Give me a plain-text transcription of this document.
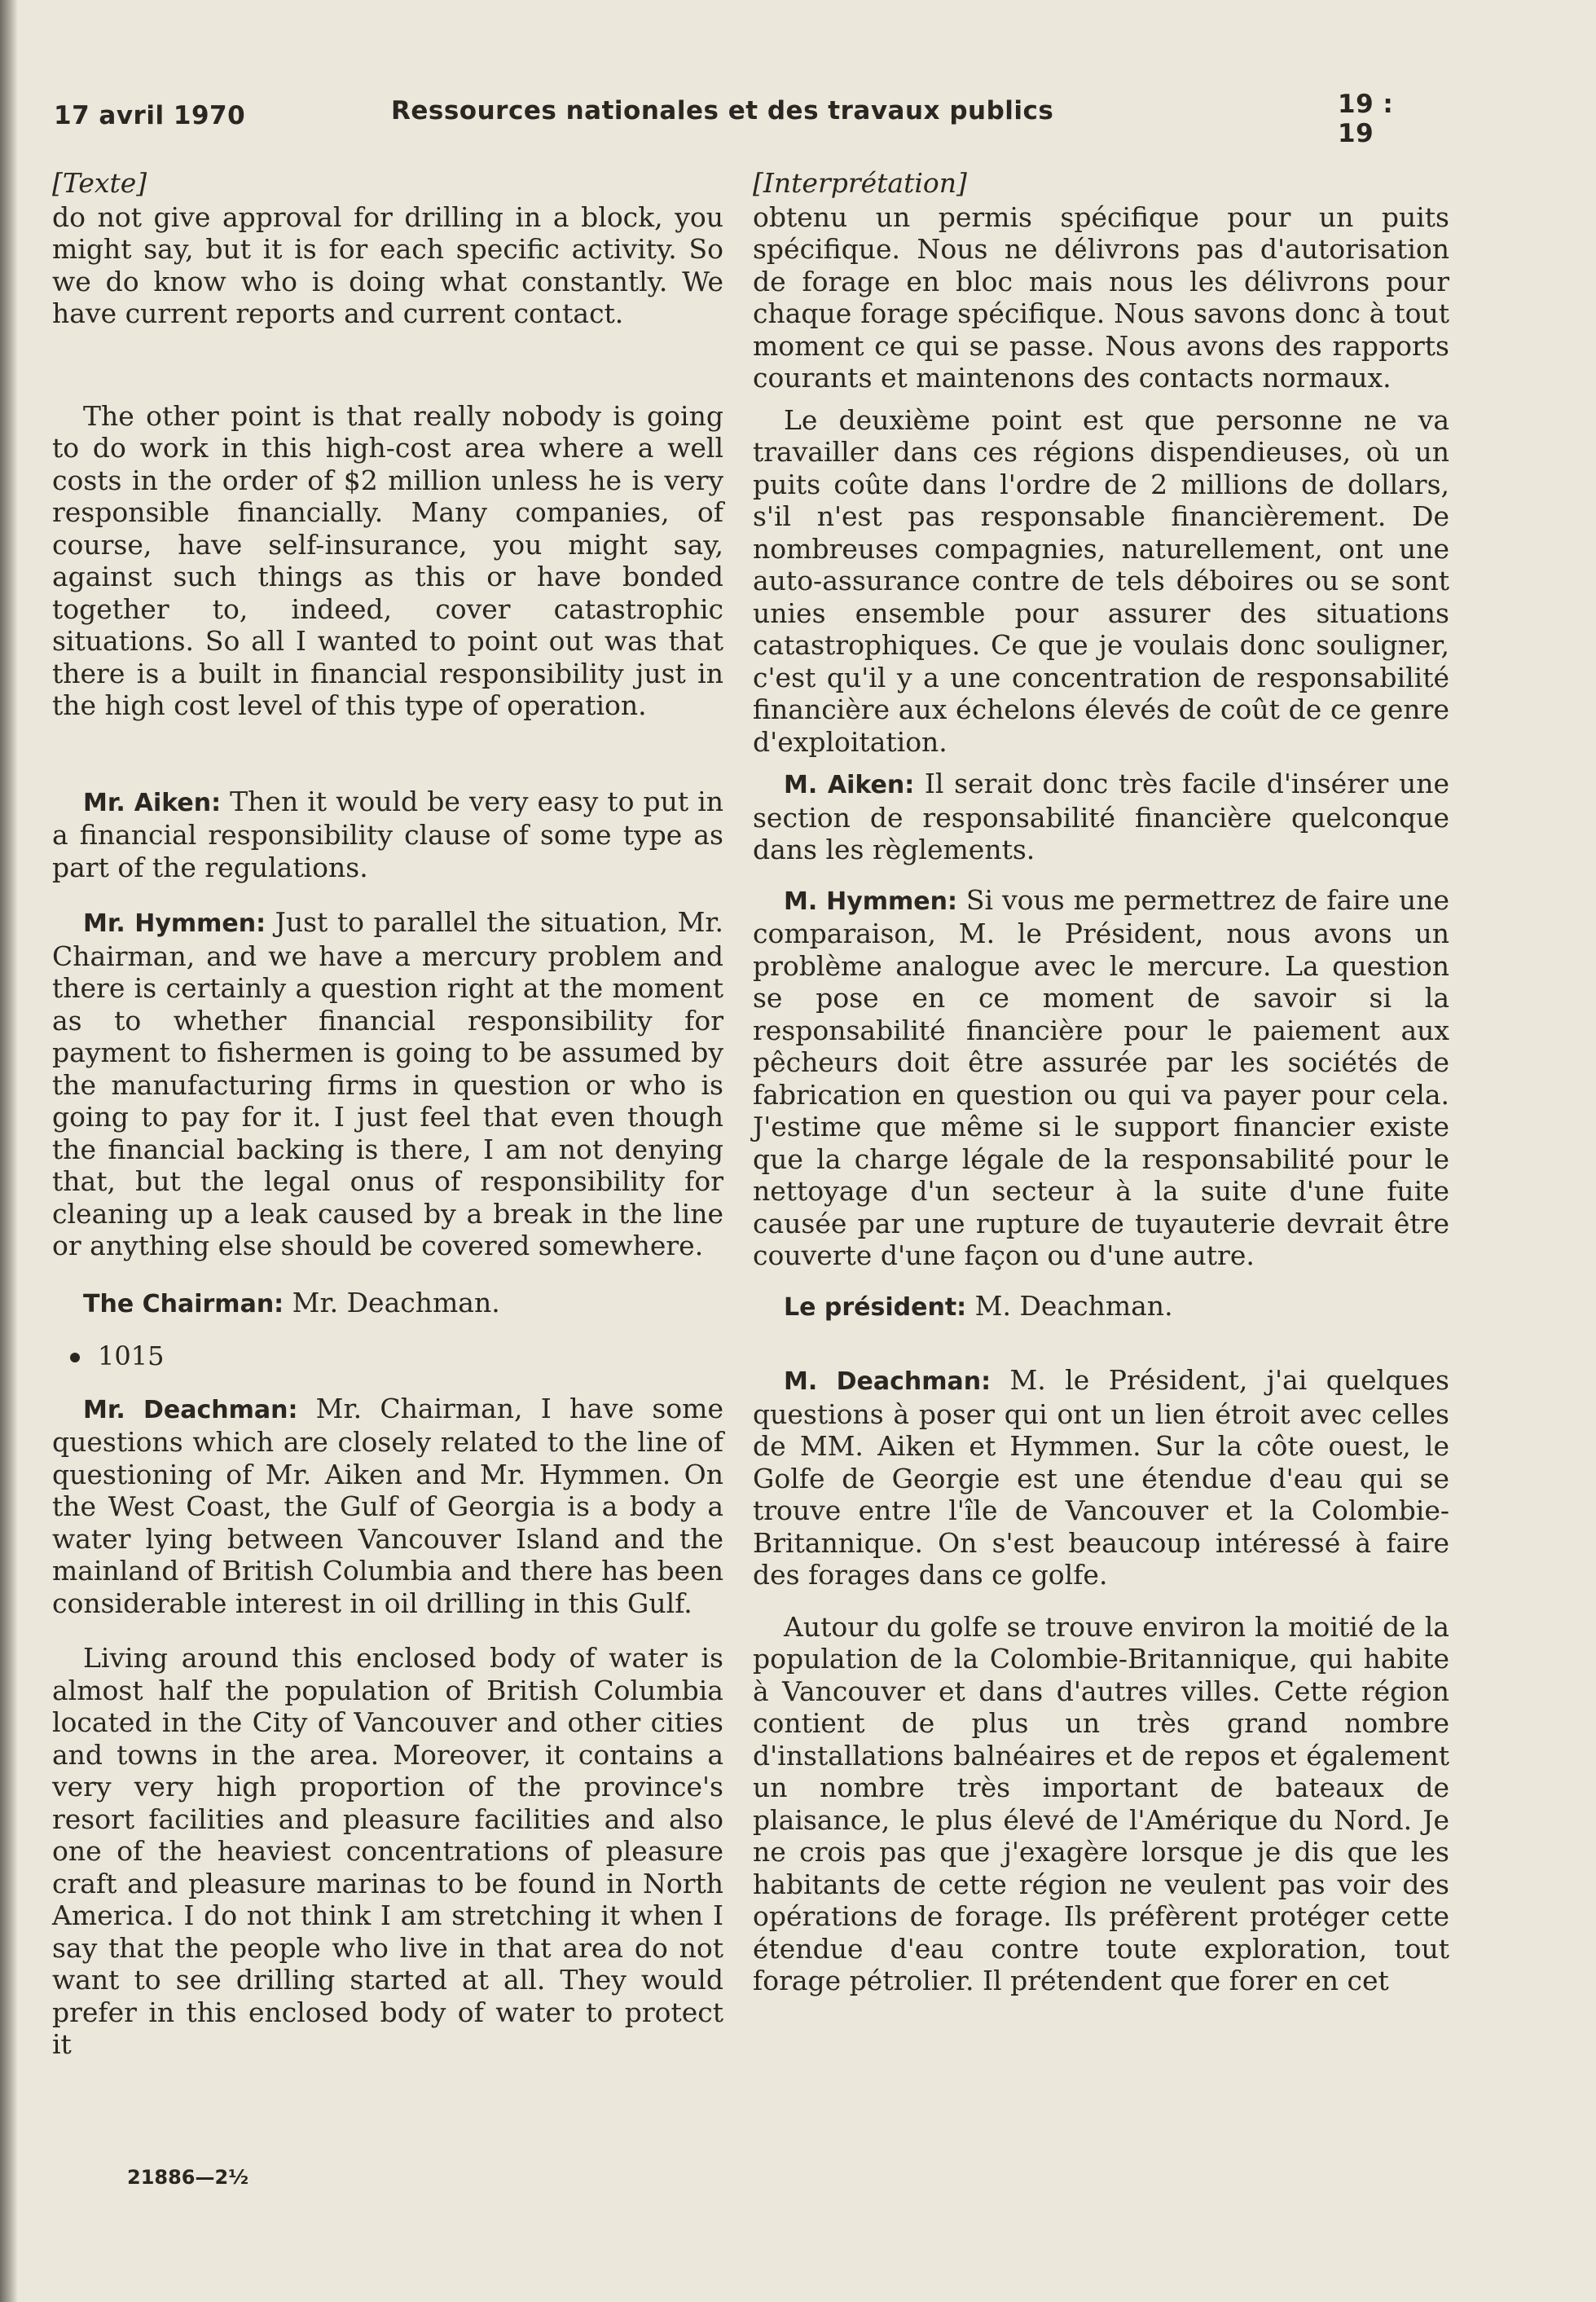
17 avril 1970	Ressources nationales et des travaux publics	19 : 19
[Texte]

do not give approval for drilling in a block, you might say, but it is for each specific activity. So we do know who is doing what constantly. We have current reports and current contact.

The other point is that really nobody is going to do work in this high-cost area where a well costs in the order of $2 million unless he is very responsible financially. Many companies, of course, have self-insurance, you might say, against such things as this or have bonded together to, indeed, cover catastrophic situations. So all I wanted to point out was that there is a built in financial responsibility just in the high cost level of this type of operation.

Mr. Aiken: Then it would be very easy to put in a financial responsibility clause of some type as part of the regulations.

Mr. Hymmen: Just to parallel the situation, Mr. Chairman, and we have a mercury problem and there is certainly a question right at the moment as to whether financial responsibility for payment to fishermen is going to be assumed by the manufacturing firms in question or who is going to pay for it. I just feel that even though the financial backing is there, I am not denying that, but the legal onus of responsibility for cleaning up a leak caused by a break in the line or anything else should be covered somewhere.

The Chairman: Mr. Deachman.

1015

Mr. Deachman: Mr. Chairman, I have some questions which are closely related to the line of questioning of Mr. Aiken and Mr. Hymmen. On the West Coast, the Gulf of Georgia is a body a water lying between Vancouver Island and the mainland of British Columbia and there has been considerable interest in oil drilling in this Gulf.

Living around this enclosed body of water is almost half the population of British Columbia located in the City of Vancouver and other cities and towns in the area. Moreover, it contains a very very high proportion of the province's resort facilities and pleasure facilities and also one of the heaviest concentrations of pleasure craft and pleasure marinas to be found in North America. I do not think I am stretching it when I say that the people who live in that area do not want to see drilling started at all. They would prefer in this enclosed body of water to protect it

[Interprétation]

obtenu un permis spécifique pour un puits spécifique. Nous ne délivrons pas d'autorisation de forage en bloc mais nous les délivrons pour chaque forage spécifique. Nous savons donc à tout moment ce qui se passe. Nous avons des rapports courants et maintenons des contacts normaux.

Le deuxième point est que personne ne va travailler dans ces régions dispendieuses, où un puits coûte dans l'ordre de 2 millions de dollars, s'il n'est pas responsable financièrement. De nombreuses compagnies, naturellement, ont une auto-assurance contre de tels déboires ou se sont unies ensemble pour assurer des situations catastrophiques. Ce que je voulais donc souligner, c'est qu'il y a une concentration de responsabilité financière aux échelons élevés de coût de ce genre d'exploitation.

M. Aiken: Il serait donc très facile d'insérer une section de responsabilité financière quelconque dans les règlements.

M. Hymmen: Si vous me permettrez de faire une comparaison, M. le Président, nous avons un problème analogue avec le mercure. La question se pose en ce moment de savoir si la responsabilité financière pour le paiement aux pêcheurs doit être assurée par les sociétés de fabrication en question ou qui va payer pour cela. J'estime que même si le support financier existe que la charge légale de la responsabilité pour le nettoyage d'un secteur à la suite d'une fuite causée par une rupture de tuyauterie devrait être couverte d'une façon ou d'une autre.

Le président: M. Deachman.

M. Deachman: M. le Président, j'ai quelques questions à poser qui ont un lien étroit avec celles de MM. Aiken et Hymmen. Sur la côte ouest, le Golfe de Georgie est une étendue d'eau qui se trouve entre l'île de Vancouver et la Colombie-Britannique. On s'est beaucoup intéressé à faire des forages dans ce golfe.

Autour du golfe se trouve environ la moitié de la population de la Colombie-Britannique, qui habite à Vancouver et dans d'autres villes. Cette région contient de plus un très grand nombre d'installations balnéaires et de repos et également un nombre très important de bateaux de plaisance, le plus élevé de l'Amérique du Nord. Je ne crois pas que j'exagère lorsque je dis que les habitants de cette région ne veulent pas voir des opérations de forage. Ils préfèrent protéger cette étendue d'eau contre toute exploration, tout forage pétrolier. Il prétendent que forer en cet

21886—2½
